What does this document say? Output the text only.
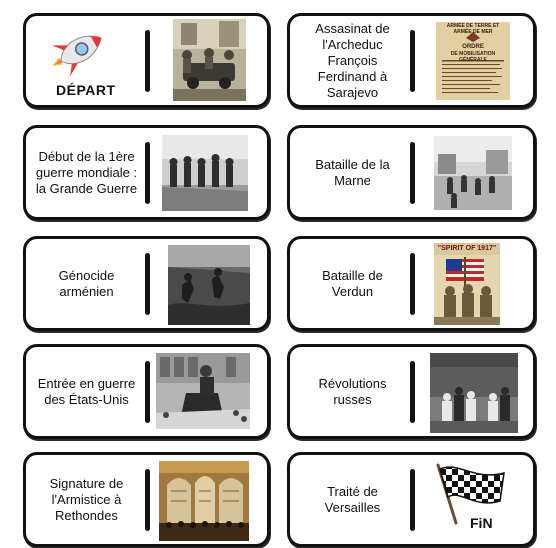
DÉPART
Assasinat de l'Archeduc François Ferdinand à Sarajevo
ARMÉE DE TERRE ET ARMÉE DE MER
ORDRE
DE MOBILISATION GÉNÉRALE
Début de la 1ère guerre mondiale : la Grande Guerre
Bataille de la Marne
Génocide arménien
Bataille de Verdun
"SPIRIT OF 1917"
Entrée en guerre des États-Unis
Révolutions russes
Signature de l'Armistice à Rethondes
Traité de Versailles
FiN
